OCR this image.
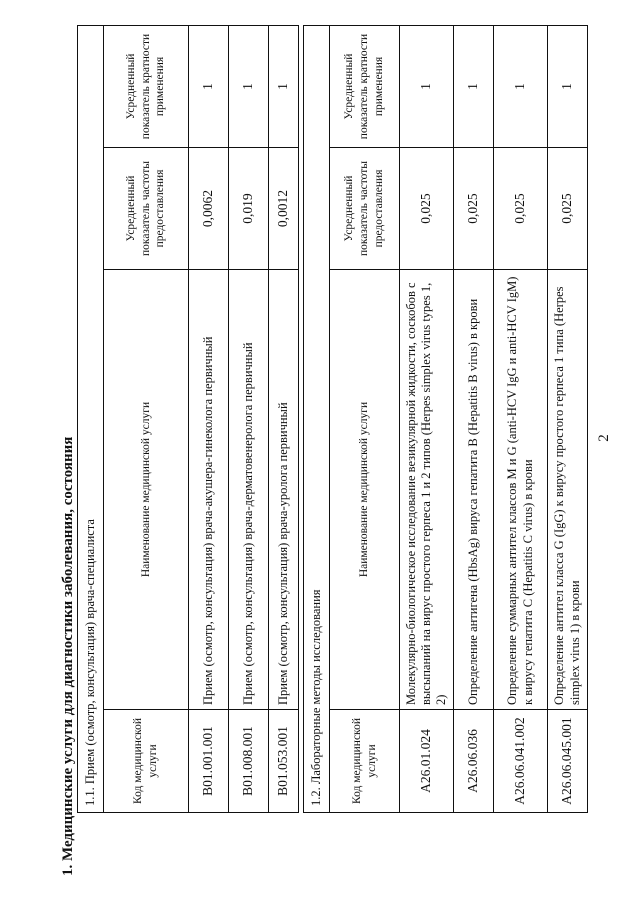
2
1. Медицинские услуги для диагностики заболевания, состояния 1.1. Прием (осмотр, консультация) врача-специалиста			
Код медицинской услуги	Наименование медицинской услуги	Усредненный показатель частоты предоставления	Усредненный показатель кратности применения
B01.001.001	Прием (осмотр, консультация) врача-акушера-гинеколога первичный	0,0062	1
B01.008.001	Прием (осмотр, консультация) врача-дерматовенеролога первичный	0,019	1
B01.053.001	Прием (осмотр, консультация) врача-уролога первичный	0,0012	1
1.2. Лабораторные методы исследования			
Код медицинской услуги	Наименование медицинской услуги	Усредненный показатель частоты предоставления	Усредненный показатель кратности применения
A26.01.024	Молекулярно-биологическое исследование везикулярной жидкости, соскобов с высыпаний на вирус простого герпеса 1 и 2 типов (Herpes simplex virus types 1, 2)	0,025	1
A26.06.036	Определение антигена (HbsAg) вируса гепатита B (Hepatitis B virus) в крови	0,025	1
A26.06.041.002	Определение суммарных антител классов M и G (anti-HCV IgG и anti-HCV IgM) к вирусу гепатита C (Hepatitis C virus) в крови	0,025	1
A26.06.045.001	Определение антител класса G (IgG) к вирусу простого герпеса 1 типа (Herpes simplex virus 1) в крови	0,025	1
